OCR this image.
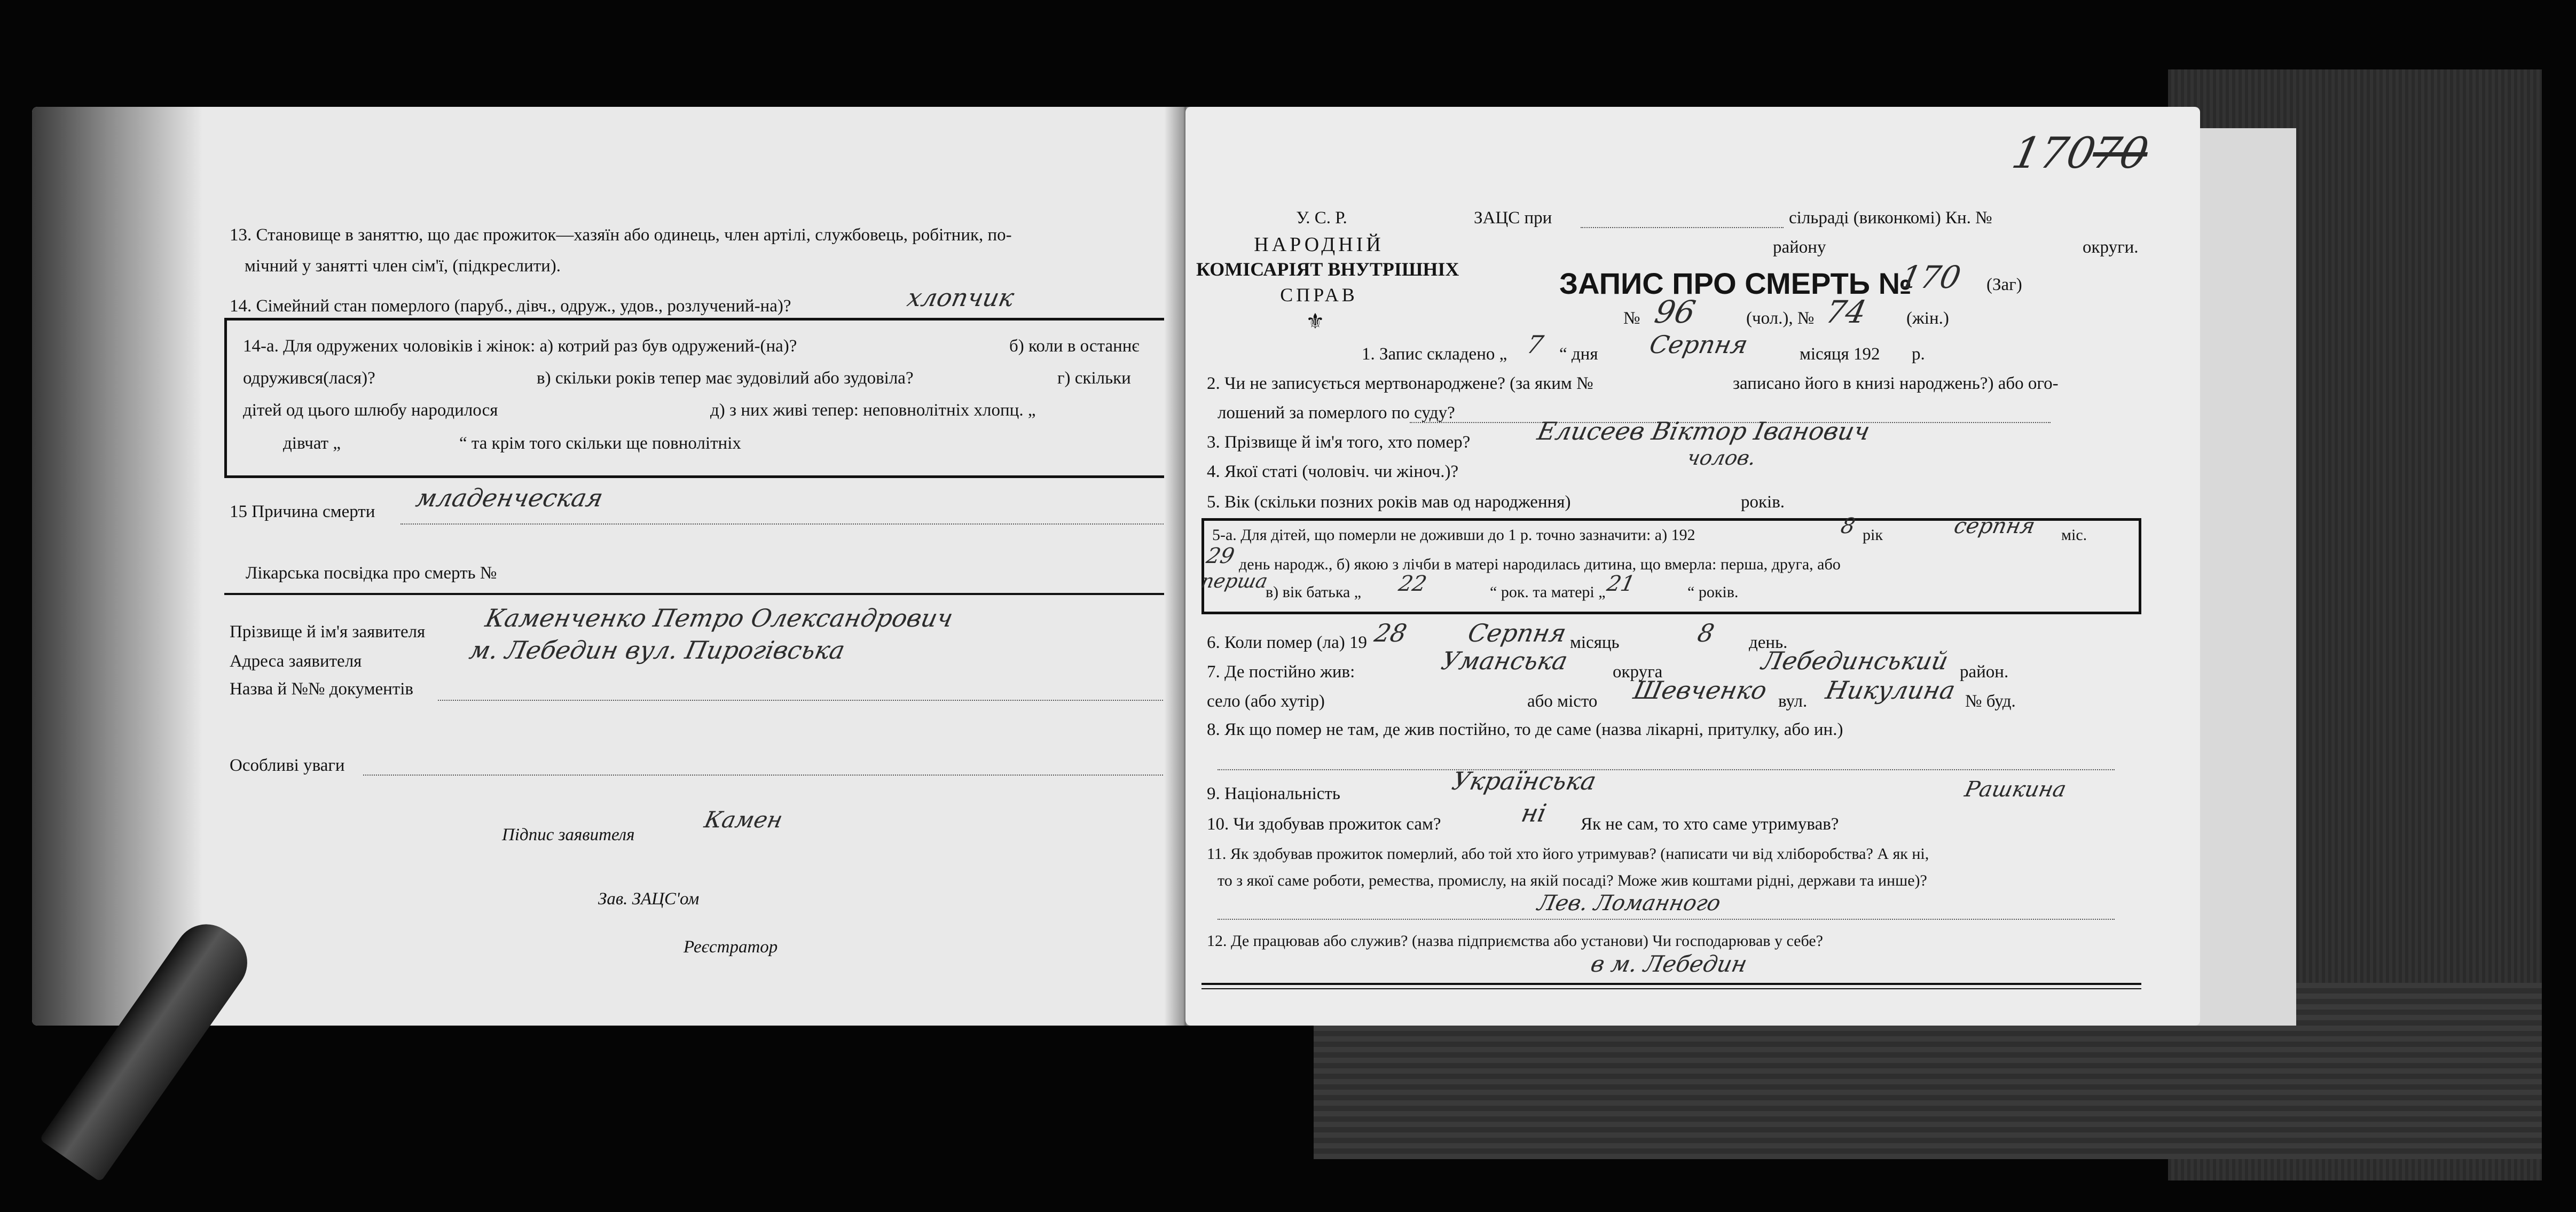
13. Становище в заняттю, що дає прожиток—хазяїн або одинець, член артілі, службовець, робітник, по-
мічний у занятті член сім'ї, (підкреслити).
14. Сімейний стан померлого (паруб., дівч., одруж., удов., розлучений-на)?	хлопчик
14-а. Для одружених чоловіків і жінок: а) котрий раз був одружений-(на)?	б) коли в останнє
одружився(лася)?	в) скільки років тепер має зудовілий або зудовіла?	г) скільки
дітей од цього шлюбу народилося	д) з них живі тепер: неповнолітніх хлопц. „
дівчат „	“ та крім того скільки ще повнолітніх
15 Причина смерти младенческая
Лікарська посвідка про смерть №
Прізвище й ім'я заявителя Каменченко Петро Олександрович
Адреса заявителя	м. Лебедин вул. Пирогівська
Назва й №№ документів
Особливі уваги
Підпис заявителя
Камен
Зав. ЗАЦС'ом
Реєстратор
170
70
У. С. Р.
НАРОДНІЙ
КОМІСАРІЯТ ВНУТРІШНІХ
СПРАВ
⚜
ЗАЦС при	сільраді (виконкомі) Кн. №
району	округи.
ЗАПИС ПРО СМЕРТЬ №
170 (Заг)
№ 96	(чол.), № 74 (жін.)
1. Запис складено „ 7 “ дня Серпня	місяця 192 р.
2. Чи не записується мертвонароджене? (за яким №	записано його в книзі народжень?) або ого-
лошений за померлого по суду?
3. Прізвище й ім'я того, хто помер?	Елисеев Віктор Іванович
4. Якої статі (чоловіч. чи жіноч.)?
чолов.
5. Вік (скільки позних років мав од народження)	років.
5-а. Для дітей, що померли не доживши до 1 р. точно зазначити: а) 192	8 рік	серпня міс.
29 день народж., б) якою з лічби в матері народилась дитина, що вмерла: перша, друга, або
перша
в) вік батька „ 22	“ рок. та матері „
21	“ років.
6. Коли помер (ла) 19 28 Серпня місяць	8 день.
7. Де постійно жив:	Уманська округа	Лебединський район.
село (або хутір)	або місто Шевченко вул. Никулина № буд.
8. Як що помер не там, де жив постійно, то де саме (назва лікарні, притулку, або ин.)
9. Національність	Українська	Рашкина
10. Чи здобував прожиток сам?	ні Як не сам, то хто саме утримував?
11. Як здобував прожиток померлий, або той хто його утримував? (написати чи від хліборобства? А як ні,
то з якої саме роботи, ремества, промислу, на якій посаді? Може жив коштами рідні, держави та инше)?
Лев. Ломанного
12. Де працював або служив? (назва підприємства або установи) Чи господарював у себе?
в м. Лебедин
